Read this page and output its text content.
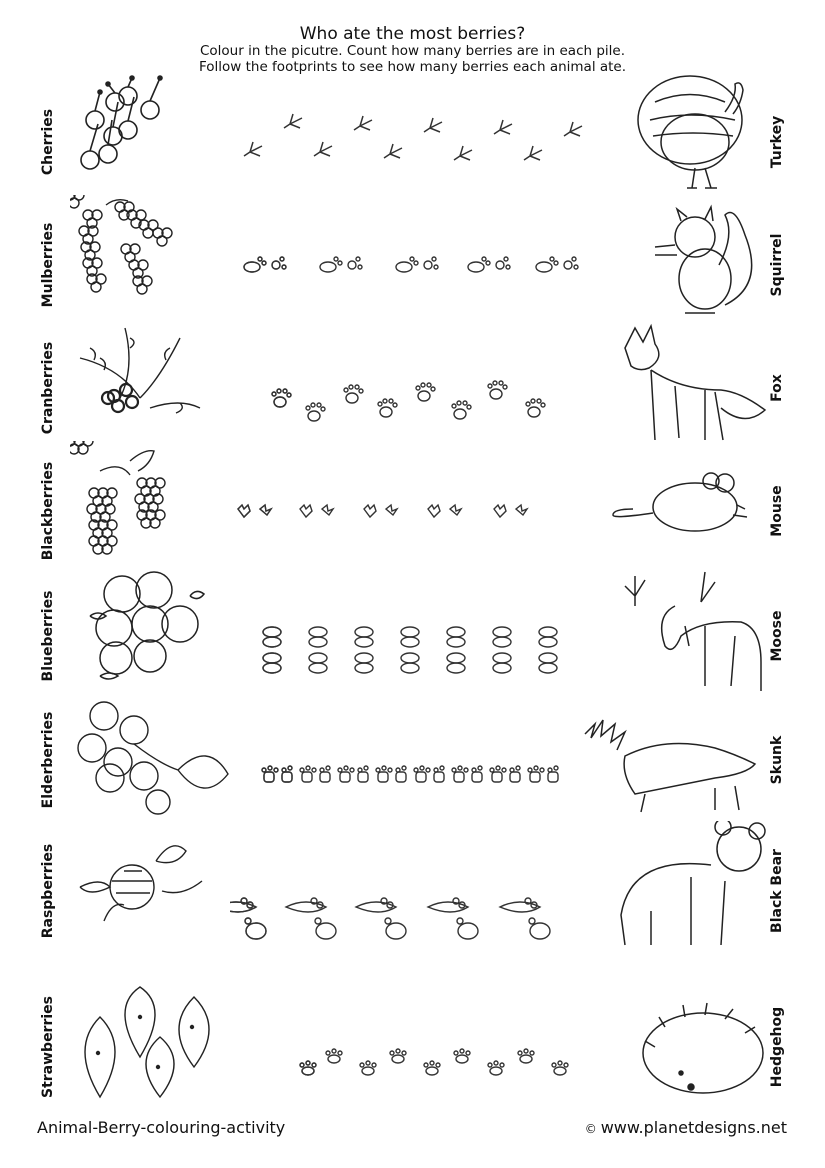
Who ate the most berries?
Colour in the picutre. Count how many berries are in each pile.
Follow the footprints to see how many berries each animal ate.
Cherries	Turkey
Mulberries	Squirrel
Cranberries	Fox
Blackberries	Mouse
Blueberries	Moose
Elderberries	Skunk
Raspberries	Black Bear
Strawberries	Hedgehog
Animal-Berry-colouring-activity	© www.planetdesigns.net
